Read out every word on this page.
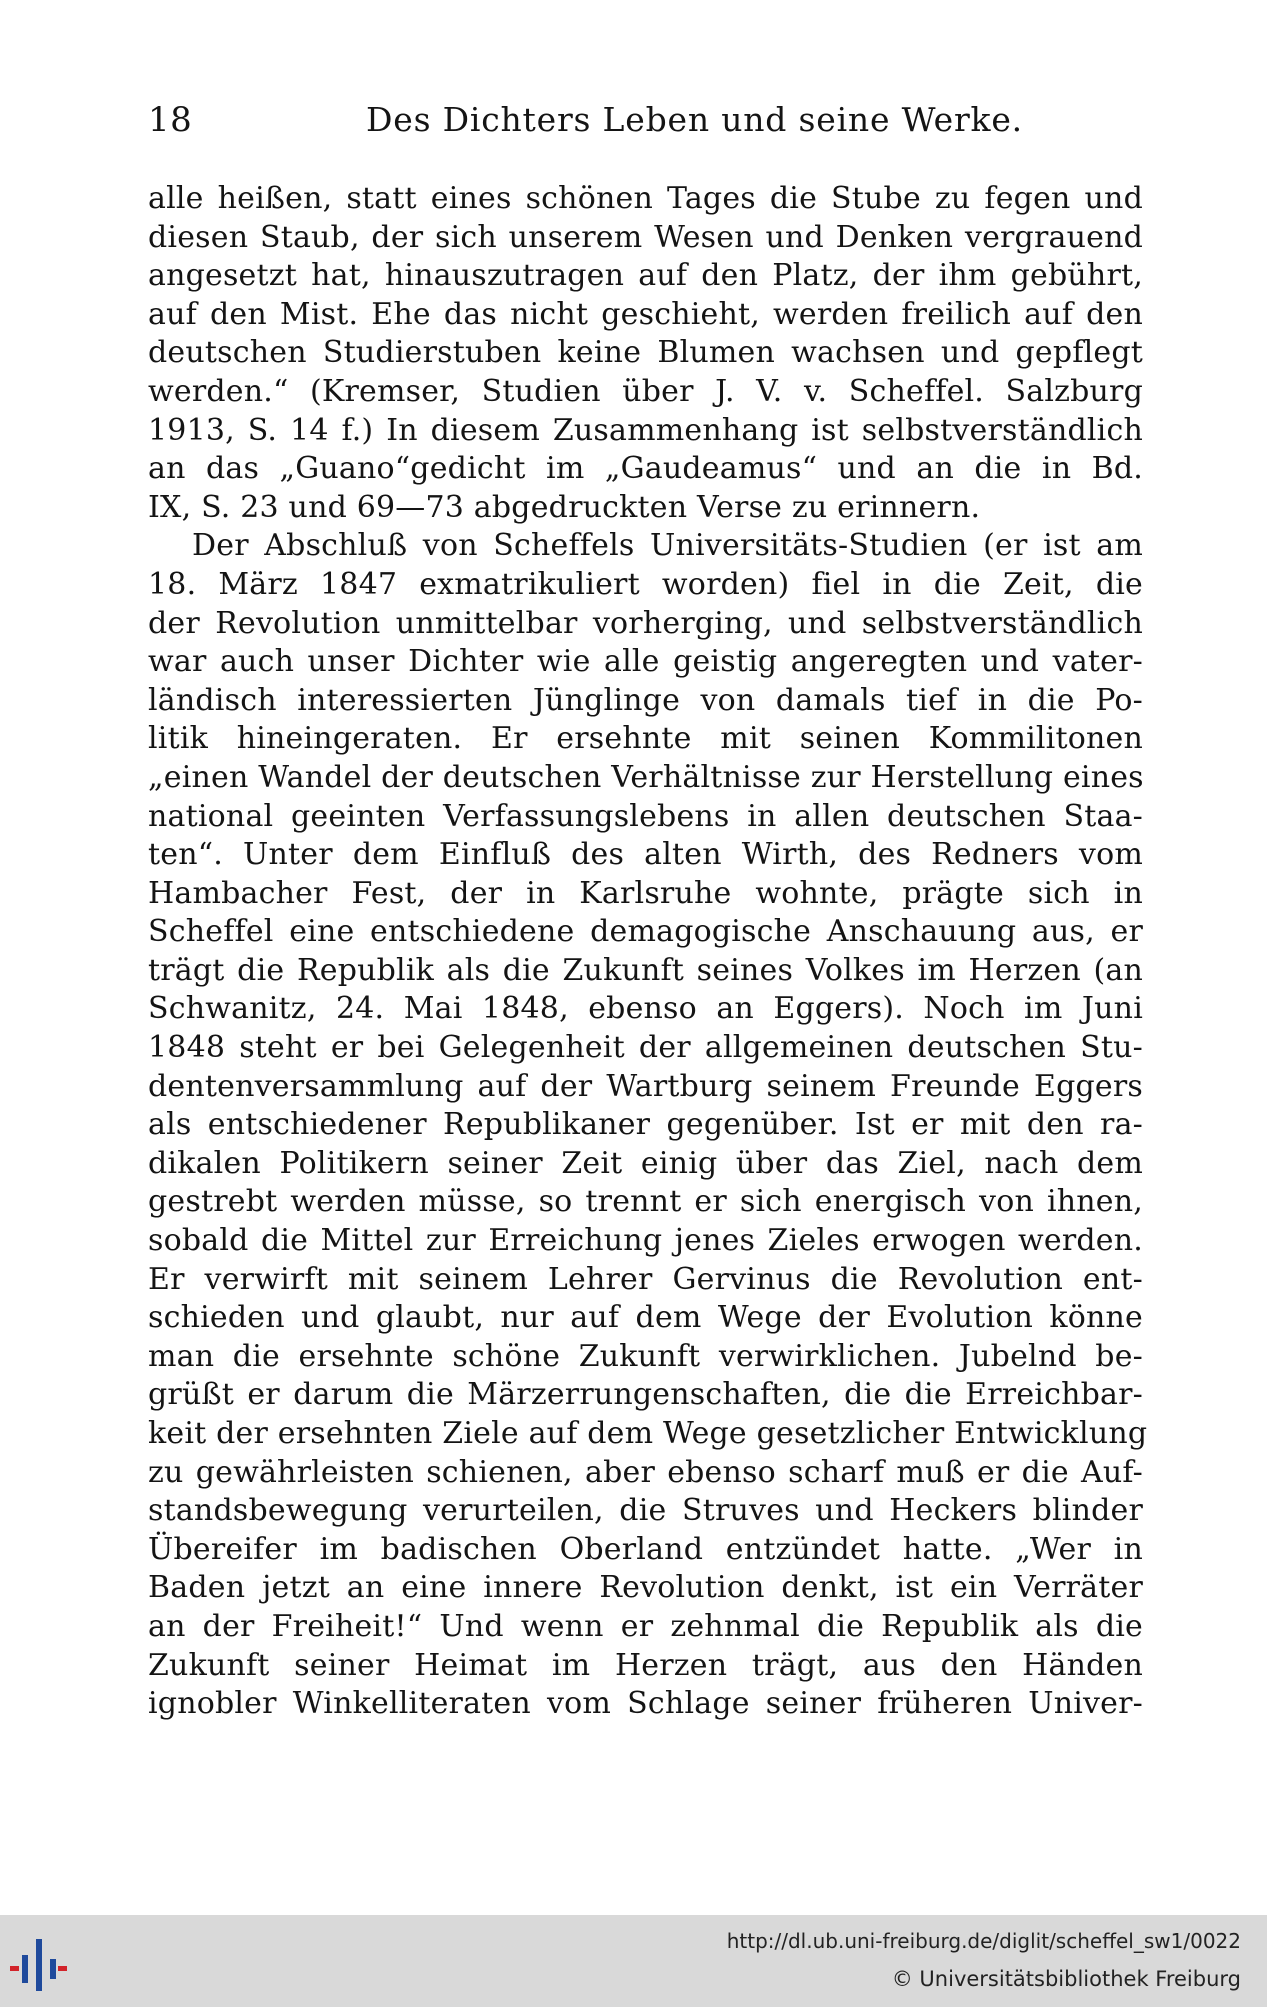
18	Des Dichters Leben und seine Werke.
alle heißen, statt eines schönen Tages die Stube zu fegen und
diesen Staub, der sich unserem Wesen und Denken vergrauend
angesetzt hat, hinauszutragen auf den Platz, der ihm gebührt,
auf den Mist. Ehe das nicht geschieht, werden freilich auf den
deutschen Studierstuben keine Blumen wachsen und gepflegt
werden.“ (Kremser, Studien über J. V. v. Scheffel. Salzburg
1913, S. 14 f.) In diesem Zusammenhang ist selbstverständlich
an das „Guano“gedicht im „Gaudeamus“ und an die in Bd.
IX, S. 23 und 69—73 abgedruckten Verse zu erinnern.
Der Abschluß von Scheffels Universitäts-Studien (er ist am
18. März 1847 exmatrikuliert worden) fiel in die Zeit, die
der Revolution unmittelbar vorherging, und selbstverständlich
war auch unser Dichter wie alle geistig angeregten und vater-
ländisch interessierten Jünglinge von damals tief in die Po-
litik hineingeraten. Er ersehnte mit seinen Kommilitonen
„einen Wandel der deutschen Verhältnisse zur Herstellung eines
national geeinten Verfassungslebens in allen deutschen Staa-
ten“. Unter dem Einfluß des alten Wirth, des Redners vom
Hambacher Fest, der in Karlsruhe wohnte, prägte sich in
Scheffel eine entschiedene demagogische Anschauung aus, er
trägt die Republik als die Zukunft seines Volkes im Herzen (an
Schwanitz, 24. Mai 1848, ebenso an Eggers). Noch im Juni
1848 steht er bei Gelegenheit der allgemeinen deutschen Stu-
dentenversammlung auf der Wartburg seinem Freunde Eggers
als entschiedener Republikaner gegenüber. Ist er mit den ra-
dikalen Politikern seiner Zeit einig über das Ziel, nach dem
gestrebt werden müsse, so trennt er sich energisch von ihnen,
sobald die Mittel zur Erreichung jenes Zieles erwogen werden.
Er verwirft mit seinem Lehrer Gervinus die Revolution ent-
schieden und glaubt, nur auf dem Wege der Evolution könne
man die ersehnte schöne Zukunft verwirklichen. Jubelnd be-
grüßt er darum die Märzerrungenschaften, die die Erreichbar-
keit der ersehnten Ziele auf dem Wege gesetzlicher Entwicklung
zu gewährleisten schienen, aber ebenso scharf muß er die Auf-
standsbewegung verurteilen, die Struves und Heckers blinder
Übereifer im badischen Oberland entzündet hatte. „Wer in
Baden jetzt an eine innere Revolution denkt, ist ein Verräter
an der Freiheit!“ Und wenn er zehnmal die Republik als die
Zukunft seiner Heimat im Herzen trägt, aus den Händen
ignobler Winkelliteraten vom Schlage seiner früheren Univer-
http://dl.ub.uni-freiburg.de/diglit/scheffel_sw1/0022
© Universitätsbibliothek Freiburg
